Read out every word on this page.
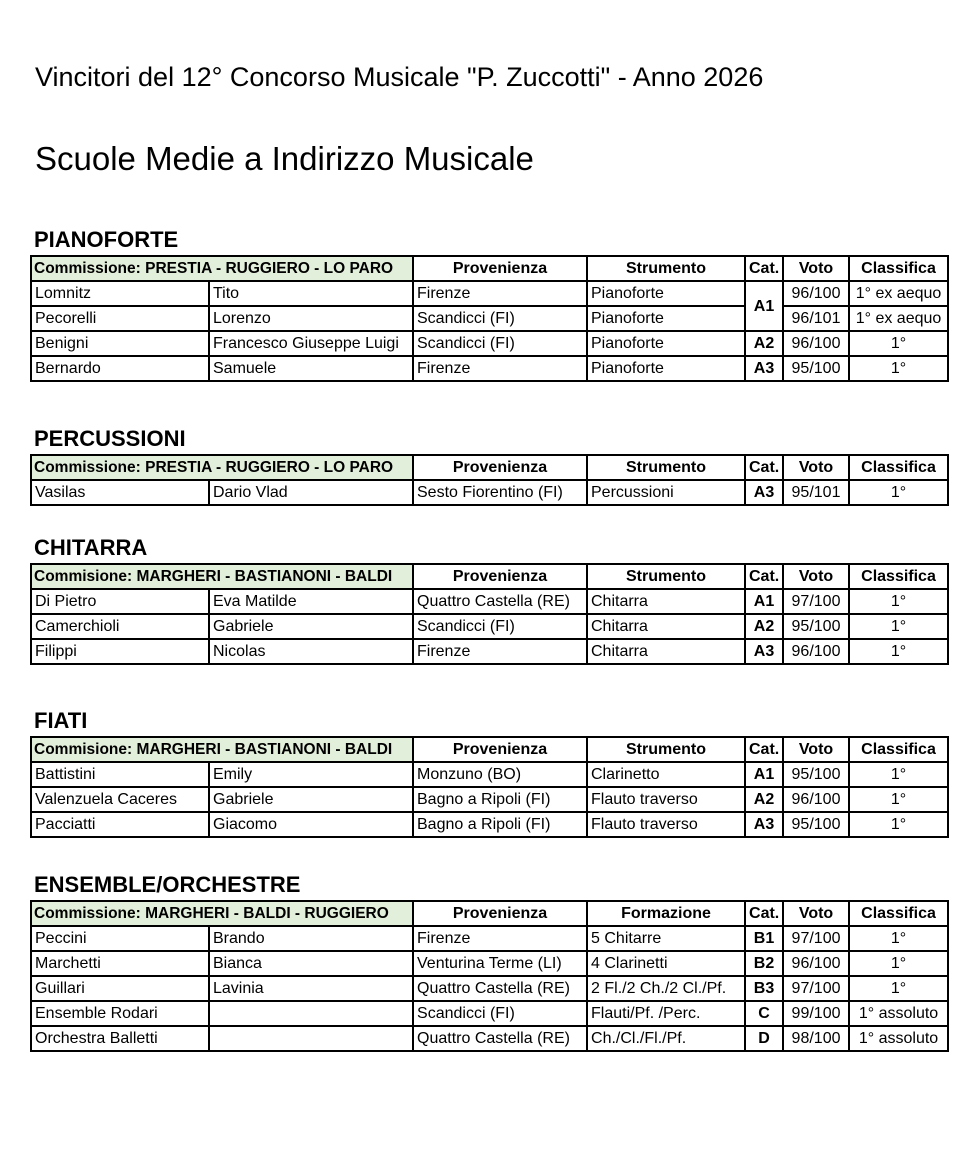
Vincitori del 12° Concorso Musicale "P. Zuccotti" - Anno 2026
Scuole Medie a Indirizzo Musicale
PIANOFORTE
Commissione: PRESTIA - RUGGIERO - LO PARO		Provenienza	Strumento	Cat.	Voto	Classifica
Lomnitz	Tito	Firenze	Pianoforte	A1	96/100	1° ex aequo
Pecorelli	Lorenzo	Scandicci (FI)	Pianoforte		96/101	1° ex aequo
Benigni	Francesco Giuseppe Luigi	Scandicci (FI)	Pianoforte	A2	96/100	1°
Bernardo	Samuele	Firenze	Pianoforte	A3	95/100	1°
PERCUSSIONI
Commissione: PRESTIA - RUGGIERO - LO PARO		Provenienza	Strumento	Cat.	Voto	Classifica
Vasilas	Dario Vlad	Sesto Fiorentino (FI)	Percussioni	A3	95/101	1°
CHITARRA
Commisione: MARGHERI - BASTIANONI - BALDI		Provenienza	Strumento	Cat.	Voto	Classifica
Di Pietro	Eva Matilde	Quattro Castella (RE)	Chitarra	A1	97/100	1°
Camerchioli	Gabriele	Scandicci (FI)	Chitarra	A2	95/100	1°
Filippi	Nicolas	Firenze	Chitarra	A3	96/100	1°
FIATI
Commisione: MARGHERI - BASTIANONI - BALDI		Provenienza	Strumento	Cat.	Voto	Classifica
Battistini	Emily	Monzuno (BO)	Clarinetto	A1	95/100	1°
Valenzuela Caceres	Gabriele	Bagno a Ripoli (FI)	Flauto traverso	A2	96/100	1°
Pacciatti	Giacomo	Bagno a Ripoli (FI)	Flauto traverso	A3	95/100	1°
ENSEMBLE/ORCHESTRE
Commissione: MARGHERI - BALDI - RUGGIERO		Provenienza	Formazione	Cat.	Voto	Classifica
Peccini	Brando	Firenze	5 Chitarre	B1	97/100	1°
Marchetti	Bianca	Venturina Terme (LI)	4 Clarinetti	B2	96/100	1°
Guillari	Lavinia	Quattro Castella (RE)	2 Fl./2 Ch./2 Cl./Pf.	B3	97/100	1°
Ensemble Rodari		Scandicci (FI)	Flauti/Pf. /Perc.	C	99/100	1° assoluto
Orchestra Balletti		Quattro Castella (RE)	Ch./Cl./Fl./Pf.	D	98/100	1° assoluto
